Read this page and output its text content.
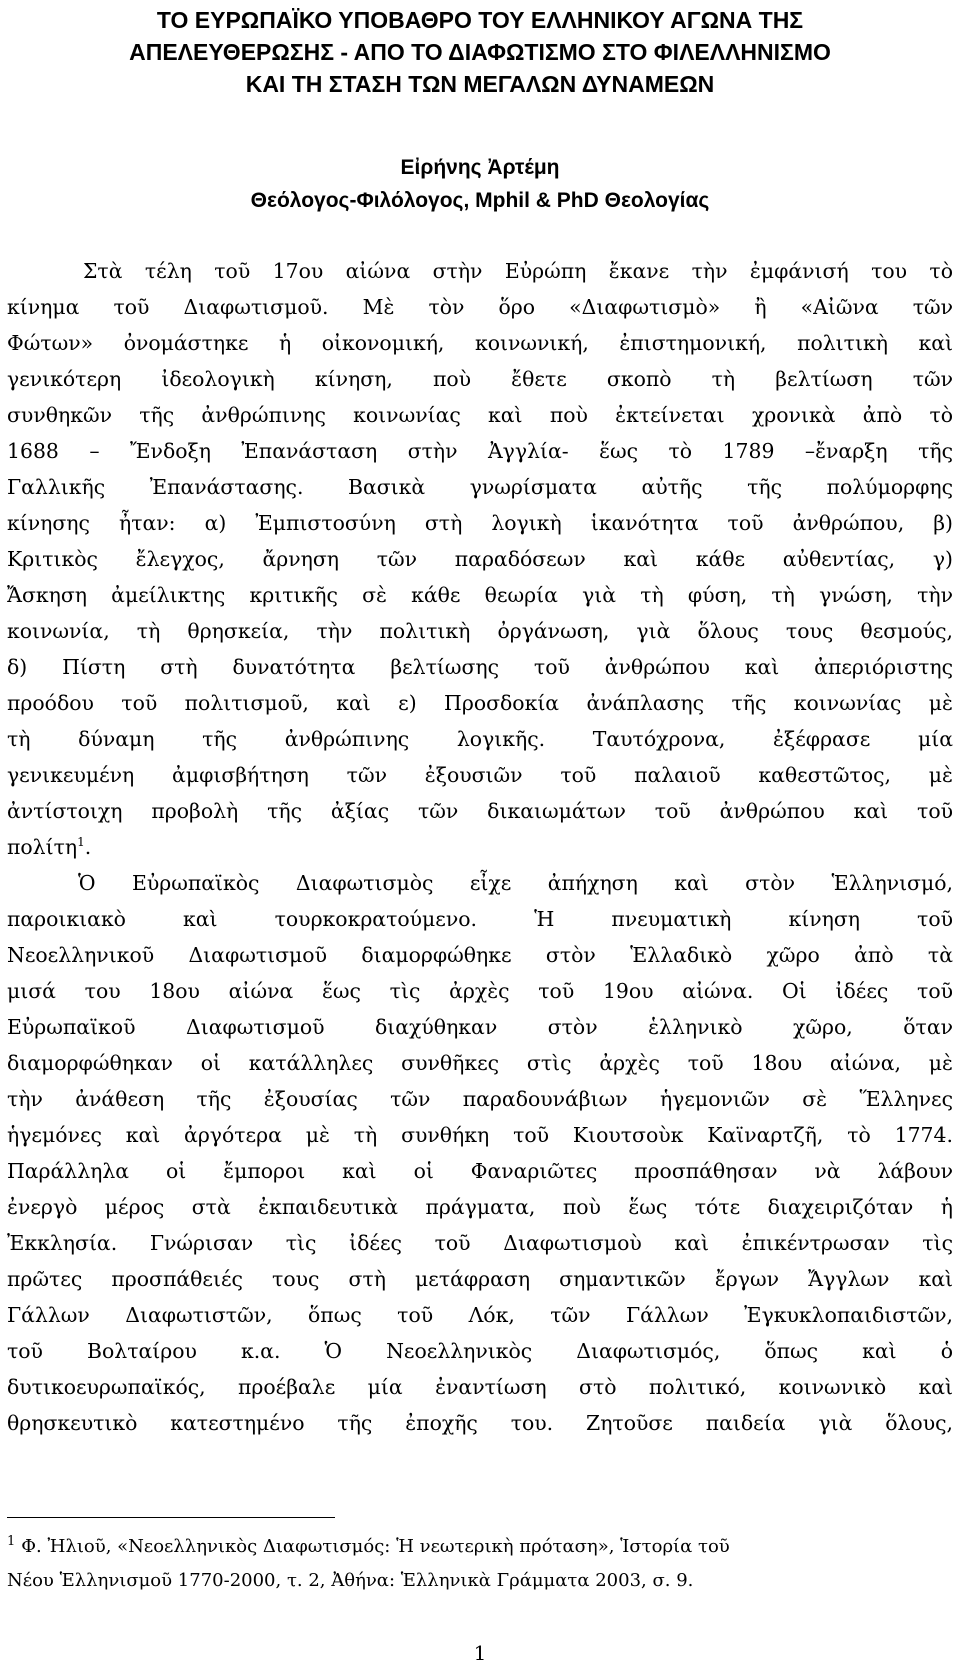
ΤΟ ΕΥΡΩΠΑΪΚΟ ΥΠΟΒΑΘΡΟ ΤΟΥ ΕΛΛΗΝΙΚΟΥ ΑΓΩΝΑ ΤΗΣ
ΑΠΕΛΕΥΘΕΡΩΣΗΣ - ΑΠΟ ΤΟ ΔΙΑΦΩΤΙΣΜΟ ΣΤΟ ΦΙΛΕΛΛΗΝΙΣΜΟ
ΚΑΙ ΤΗ ΣΤΑΣΗ ΤΩΝ ΜΕΓΑΛΩΝ ΔΥΝΑΜΕΩΝ
Εἰρήνης Ἀρτέμη
Θεόλογος-Φιλόλογος, Mphil & PhD Θεολογίας
Στὰ τέλη τοῦ 17ου αἰώνα στὴν Εὐρώπη ἔκανε τὴν ἐμφάνισή του τὸ
κίνημα τοῦ Διαφωτισμοῦ. Μὲ τὸν ὅρο «Διαφωτισμὸ» ἢ «Αἰῶνα τῶν
Φώτων» ὀνομάστηκε ἡ οἰκονομική, κοινωνική, ἐπιστημονική, πολιτικὴ καὶ
γενικότερη ἰδεολογικὴ κίνηση, ποὺ ἔθετε σκοπὸ τὴ βελτίωση τῶν
συνθηκῶν τῆς ἀνθρώπινης κοινωνίας καὶ ποὺ ἐκτείνεται χρονικὰ ἀπὸ τὸ
1688 – Ἔνδοξη Ἐπανάσταση στὴν Ἀγγλία- ἕως τὸ 1789 –ἔναρξη τῆς
Γαλλικῆς Ἐπανάστασης. Βασικὰ γνωρίσματα αὐτῆς τῆς πολύμορφης
κίνησης ἦταν: α) Ἐμπιστοσύνη στὴ λογικὴ ἱκανότητα τοῦ ἀνθρώπου, β)
Κριτικὸς ἔλεγχος, ἄρνηση τῶν παραδόσεων καὶ κάθε αὐθεντίας, γ)
Ἄσκηση ἀμείλικτης κριτικῆς σὲ κάθε θεωρία γιὰ τὴ φύση, τὴ γνώση, τὴν
κοινωνία, τὴ θρησκεία, τὴν πολιτικὴ ὀργάνωση, γιὰ ὅλους τους θεσμούς,
δ) Πίστη στὴ δυνατότητα βελτίωσης τοῦ ἀνθρώπου καὶ ἀπεριόριστης
προόδου τοῦ πολιτισμοῦ, καὶ ε) Προσδοκία ἀνάπλασης τῆς κοινωνίας μὲ
τὴ δύναμη τῆς ἀνθρώπινης λογικῆς. Ταυτόχρονα, ἐξέφρασε μία
γενικευμένη ἀμφισβήτηση τῶν ἐξουσιῶν τοῦ παλαιοῦ καθεστῶτος, μὲ
ἀντίστοιχη προβολὴ τῆς ἀξίας τῶν δικαιωμάτων τοῦ ἀνθρώπου καὶ τοῦ
πολίτη$^1$.
Ὁ Εὐρωπαϊκὸς Διαφωτισμὸς εἶχε ἀπήχηση καὶ στὸν Ἑλληνισμό,
παροικιακὸ καὶ τουρκοκρατούμενο. Ἡ πνευματικὴ κίνηση τοῦ
Νεοελληνικοῦ Διαφωτισμοῦ διαμορφώθηκε στὸν Ἑλλαδικὸ χῶρο ἀπὸ τὰ
μισά του 18ου αἰώνα ἕως τὶς ἀρχὲς τοῦ 19ου αἰώνα. Οἱ ἰδέες τοῦ
Εὐρωπαϊκοῦ Διαφωτισμοῦ διαχύθηκαν στὸν ἑλληνικὸ χῶρο, ὅταν
διαμορφώθηκαν οἱ κατάλληλες συνθῆκες στὶς ἀρχὲς τοῦ 18ου αἰώνα, μὲ
τὴν ἀνάθεση τῆς ἐξουσίας τῶν παραδουνάβιων ἡγεμονιῶν σὲ Ἕλληνες
ἡγεμόνες καὶ ἀργότερα μὲ τὴ συνθήκη τοῦ Κιουτσοὺκ Καϊναρτζῆ, τὸ 1774.
Παράλληλα οἱ ἔμποροι καὶ οἱ Φαναριῶτες προσπάθησαν νὰ λάβουν
ἐνεργὸ μέρος στὰ ἐκπαιδευτικὰ πράγματα, ποὺ ἕως τότε διαχειριζόταν ἡ
Ἐκκλησία. Γνώρισαν τὶς ἰδέες τοῦ Διαφωτισμοὺ καὶ ἐπικέντρωσαν τὶς
πρῶτες προσπάθειές τους στὴ μετάφραση σημαντικῶν ἔργων Ἄγγλων καὶ
Γάλλων Διαφωτιστῶν, ὅπως τοῦ Λόκ, τῶν Γάλλων Ἐγκυκλοπαιδιστῶν,
τοῦ Βολταίρου κ.α. Ὁ Νεοελληνικὸς Διαφωτισμός, ὅπως καὶ ὁ
δυτικοευρωπαϊκός, προέβαλε μία ἐναντίωση στὸ πολιτικό, κοινωνικὸ καὶ
θρησκευτικὸ κατεστημένο τῆς ἐποχῆς του. Ζητοῦσε παιδεία γιὰ ὅλους,
$^1$ Φ. Ἠλιοῦ, «Νεοελληνικὸς Διαφωτισμός: Ἡ νεωτερικὴ πρόταση», Ἱστορία τοῦ
Νέου Ἑλληνισμοῦ 1770-2000, τ. 2, Ἀθήνα: Ἑλληνικὰ Γράμματα 2003, σ. 9.
1
